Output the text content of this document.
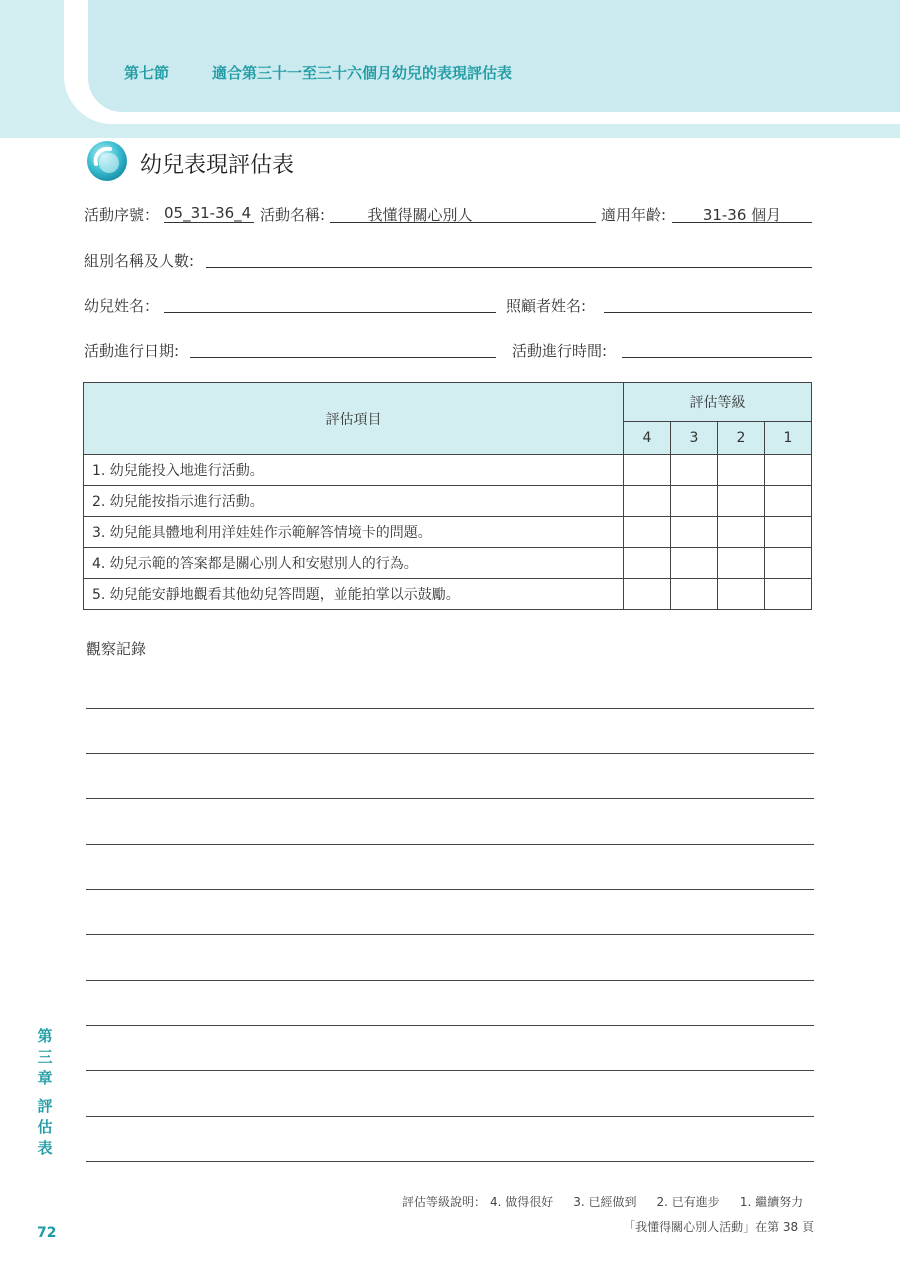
第七節	適合第三十一至三十六個月幼兒的表現評估表
幼兒表現評估表
活動序號： 05_31-36_4 活動名稱:	我懂得關心別人	適用年齡:	31-36 個月
組別名稱及人數:
幼兒姓名：	照顧者姓名:
活動進行日期:	活動進行時間:
評估項目	評估等級			
	4	3	2	1
1. 幼兒能投入地進行活動。				
2. 幼兒能按指示進行活動。				
3. 幼兒能具體地利用洋娃娃作示範解答情境卡的問題。				
4. 幼兒示範的答案都是關心別人和安慰別人的行為。				
5. 幼兒能安靜地觀看其他幼兒答問題，並能拍掌以示鼓勵。				
觀察記錄
第
三
章
評
估
表
72
評估等級說明： 4. 做得很好 3. 已經做到 2. 已有進步 1. 繼續努力
「我懂得關心別人活動」在第 38 頁
